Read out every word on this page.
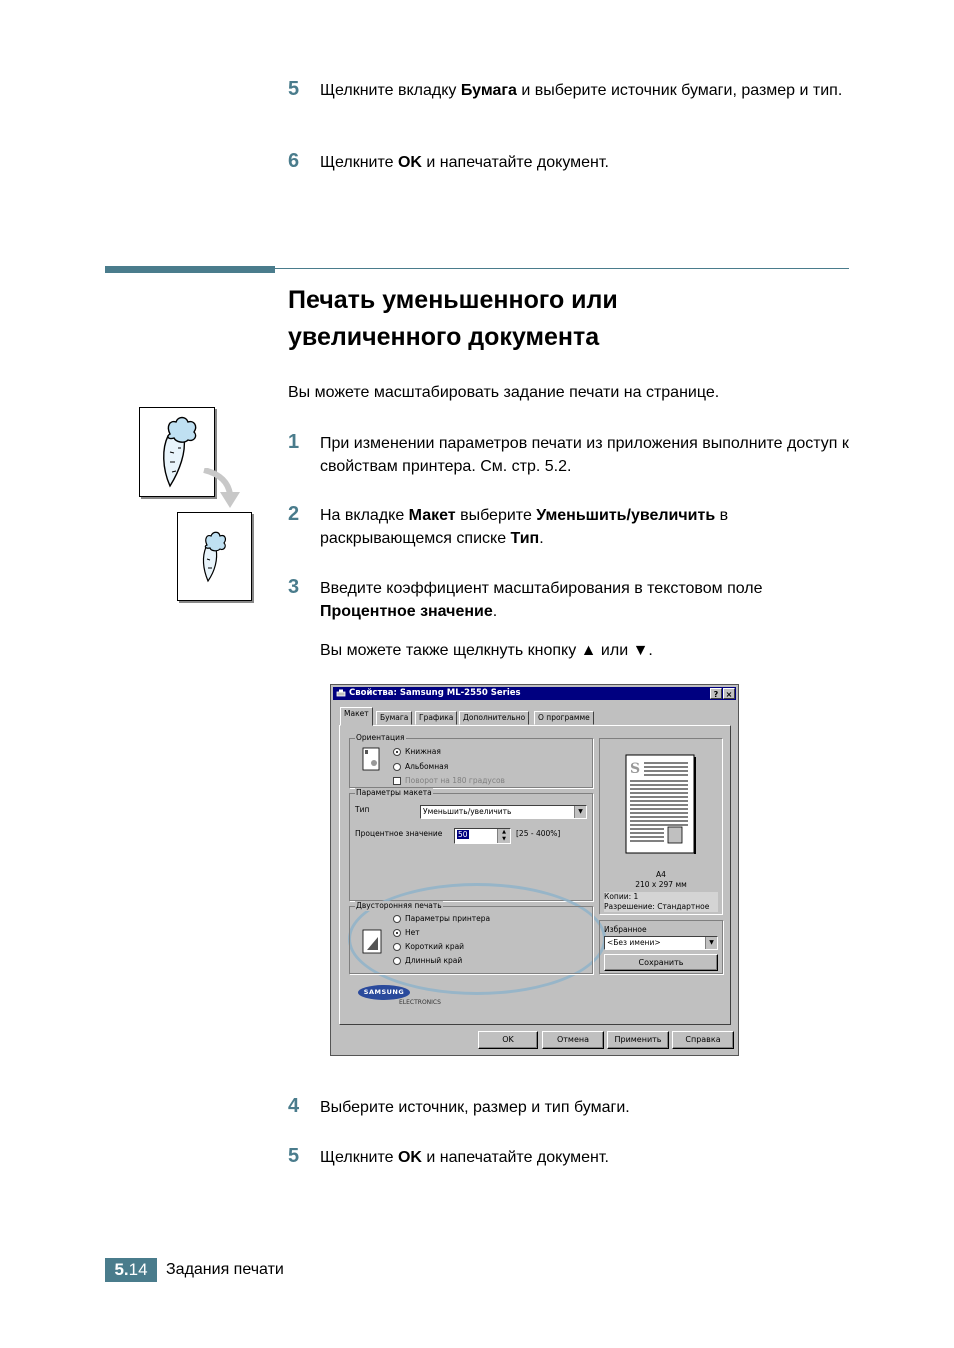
5	Щелкните вкладку Бумага и выберите источник бумаги, размер и тип.
6	Щелкните OK и напечатайте документ.
Печать уменьшенного или
увеличенного документа
Вы можете масштабировать задание печати на странице.
1	При изменении параметров печати из приложения выполните доступ к свойствам принтера. См. стр. 5.2.
2	На вкладке Макет выберите Уменьшить/увеличить в раскрывающемся списке Тип.
3	Введите коэффициент масштабирования в текстовом поле Процентное значение.
Вы можете также щелкнуть кнопку ▲ или ▼.
Свойства: Samsung ML-2550 Series	? ×
Макет	Бумага	Графика	Дополнительно	О программе
Ориентация
Книжная
Альбомная
Поворот на 180 градусов
Параметры макета
Тип	Уменьшить/увеличить	▼
Процентное значение	50	▲
▼
[25 - 400%]
Двусторонняя печать
Параметры принтера
Нет
Короткий край
Длинный край
S
A4
210 x 297 мм
Копии: 1
Разрешение: Стандартное
Избранное
<Без имени>	▼
Сохранить
SAMSUNG
ELECTRONICS
OK	Отмена	Применить	Справка
4	Выберите источник, размер и тип бумаги.
5	Щелкните OK и напечатайте документ.
5.14	Задания печати
